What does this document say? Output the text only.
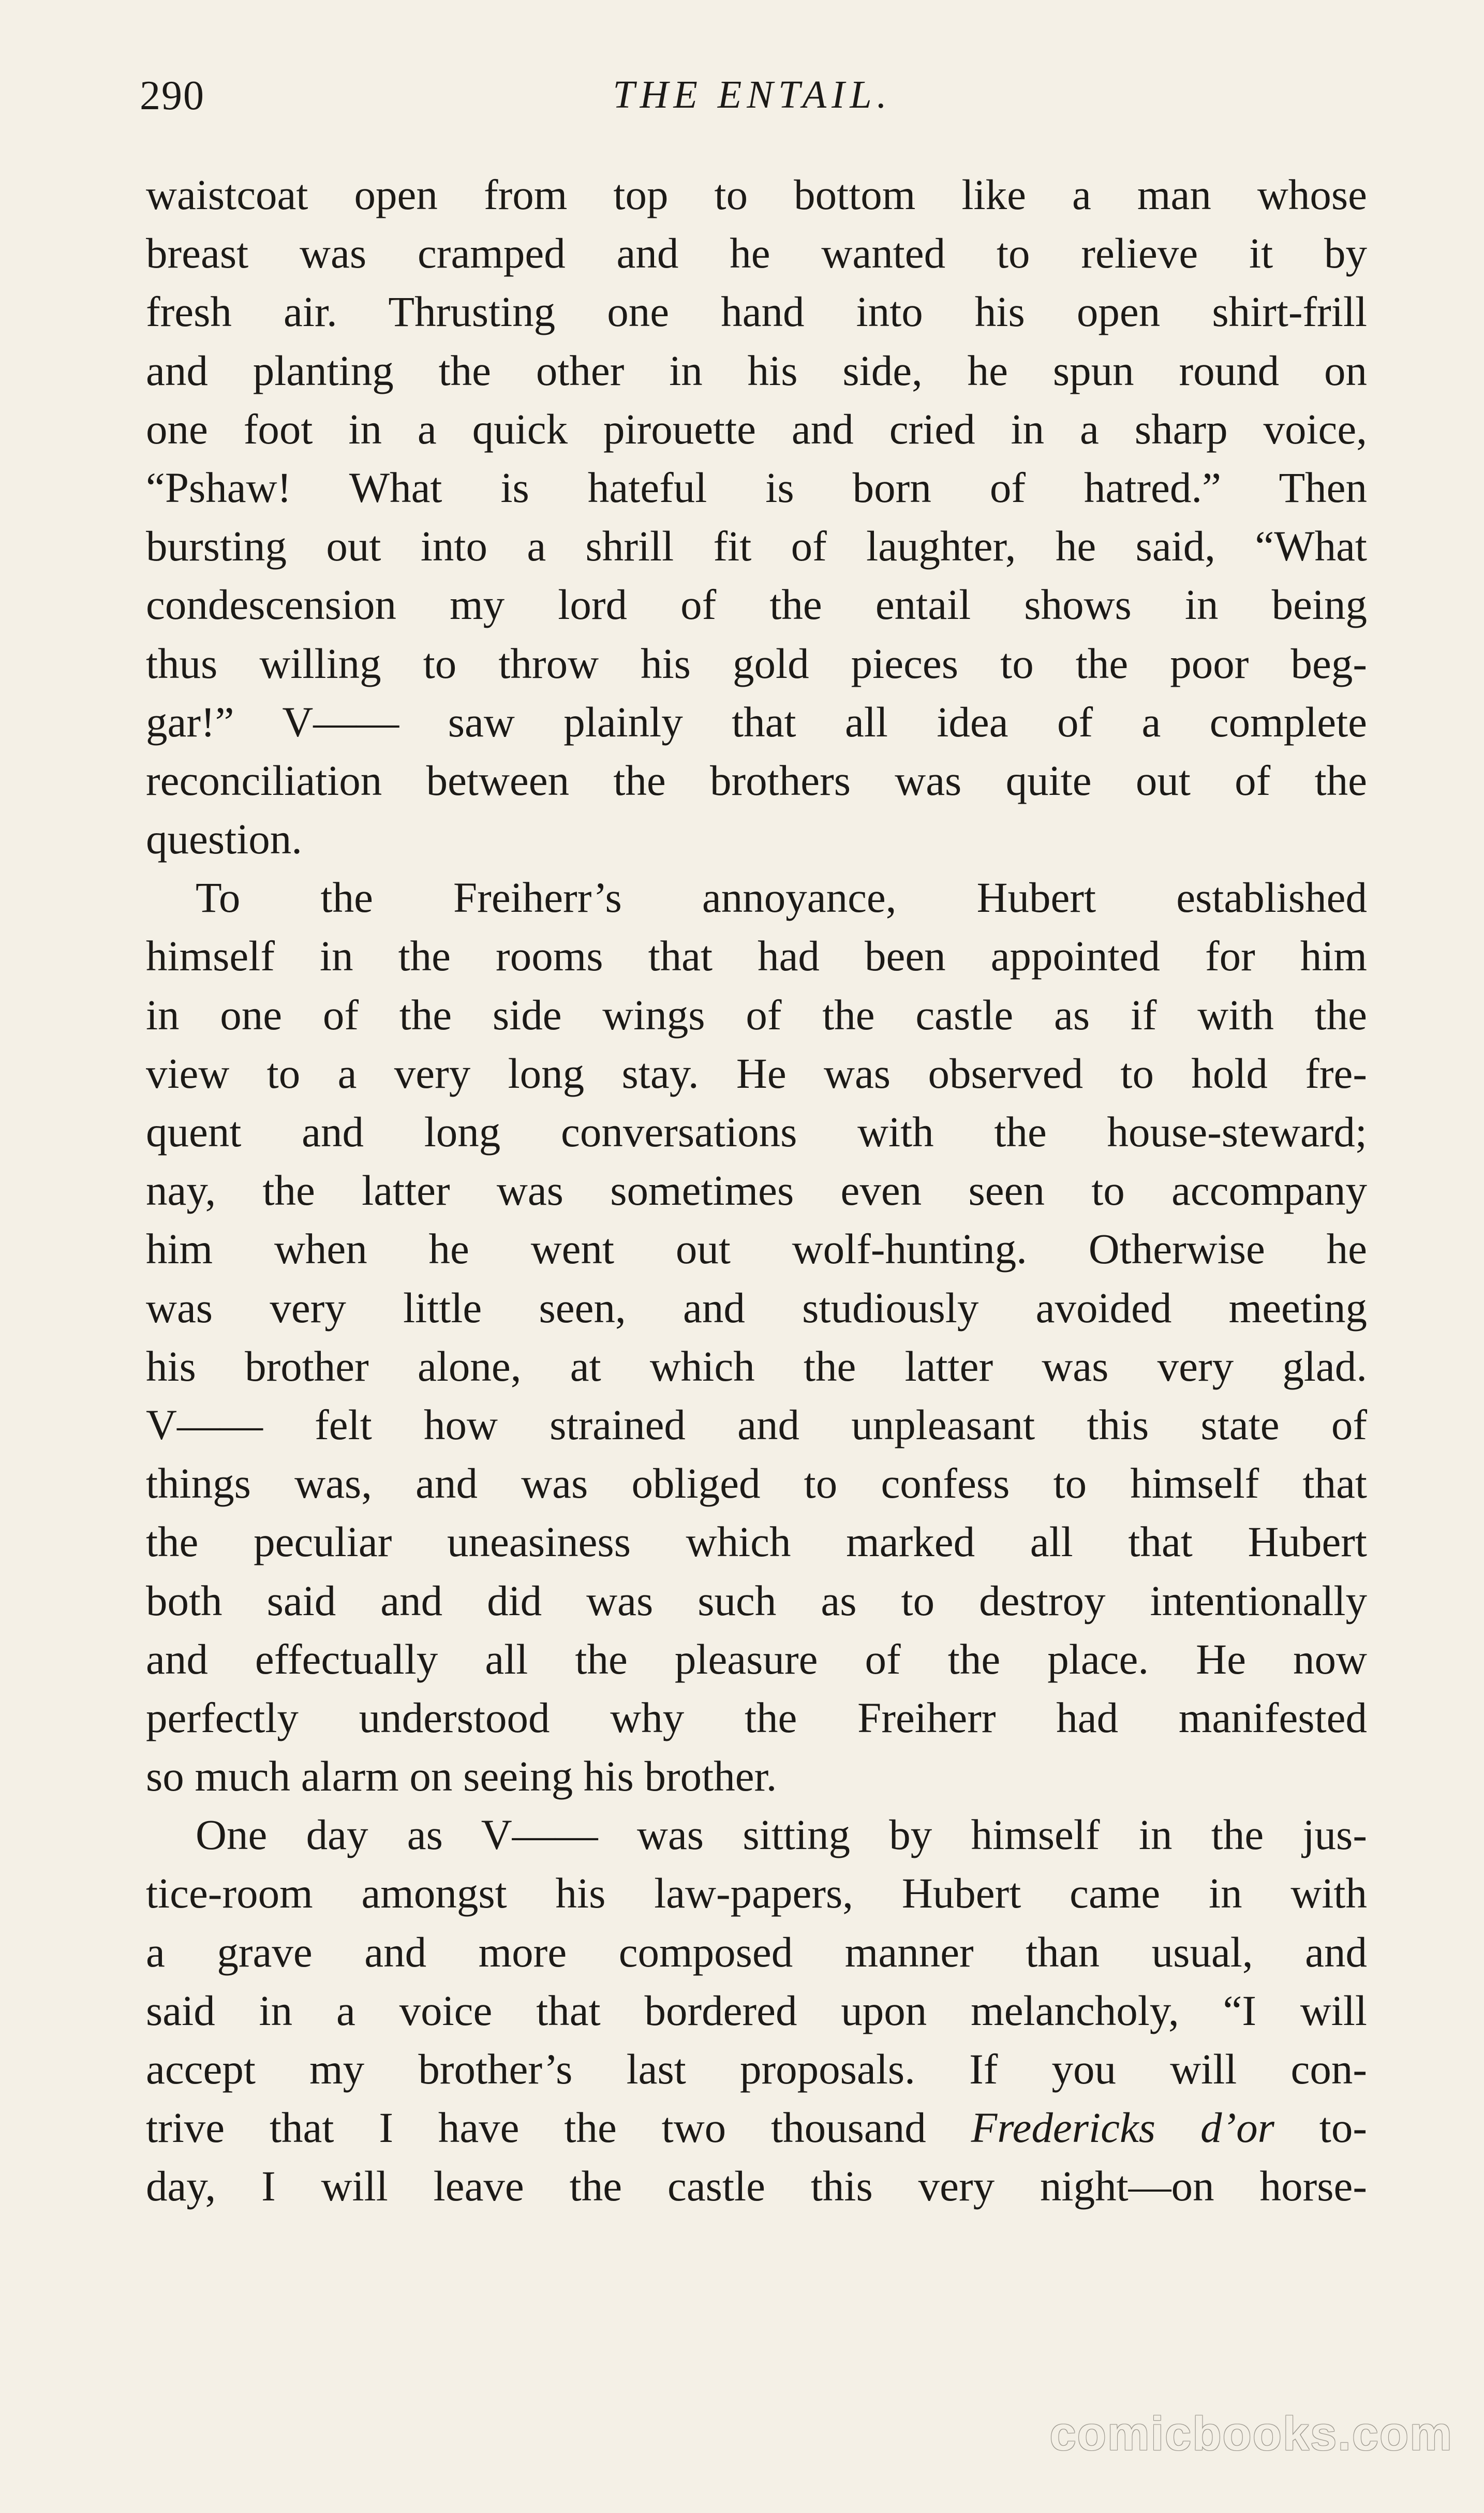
290	THE ENTAIL.
waistcoat open from top to bottom like a man whose
breast was cramped and he wanted to relieve it by
fresh air. Thrusting one hand into his open shirt-frill
and planting the other in his side, he spun round on
one foot in a quick pirouette and cried in a sharp voice,
“Pshaw! What is hateful is born of hatred.” Then
bursting out into a shrill fit of laughter, he said, “What
condescension my lord of the entail shows in being
thus willing to throw his gold pieces to the poor beg-
gar!” V—— saw plainly that all idea of a complete
reconciliation between the brothers was quite out of the
question.
To the Freiherr’s annoyance, Hubert established
himself in the rooms that had been appointed for him
in one of the side wings of the castle as if with the
view to a very long stay. He was observed to hold fre-
quent and long conversations with the house-steward;
nay, the latter was sometimes even seen to accompany
him when he went out wolf-hunting. Otherwise he
was very little seen, and studiously avoided meeting
his brother alone, at which the latter was very glad.
V—— felt how strained and unpleasant this state of
things was, and was obliged to confess to himself that
the peculiar uneasiness which marked all that Hubert
both said and did was such as to destroy intentionally
and effectually all the pleasure of the place. He now
perfectly understood why the Freiherr had manifested
so much alarm on seeing his brother.
One day as V—— was sitting by himself in the jus-
tice-room amongst his law-papers, Hubert came in with
a grave and more composed manner than usual, and
said in a voice that bordered upon melancholy, “I will
accept my brother’s last proposals. If you will con-
trive that I have the two thousand Fredericks d’or to-
day, I will leave the castle this very night—on horse-
comicbooks.com
